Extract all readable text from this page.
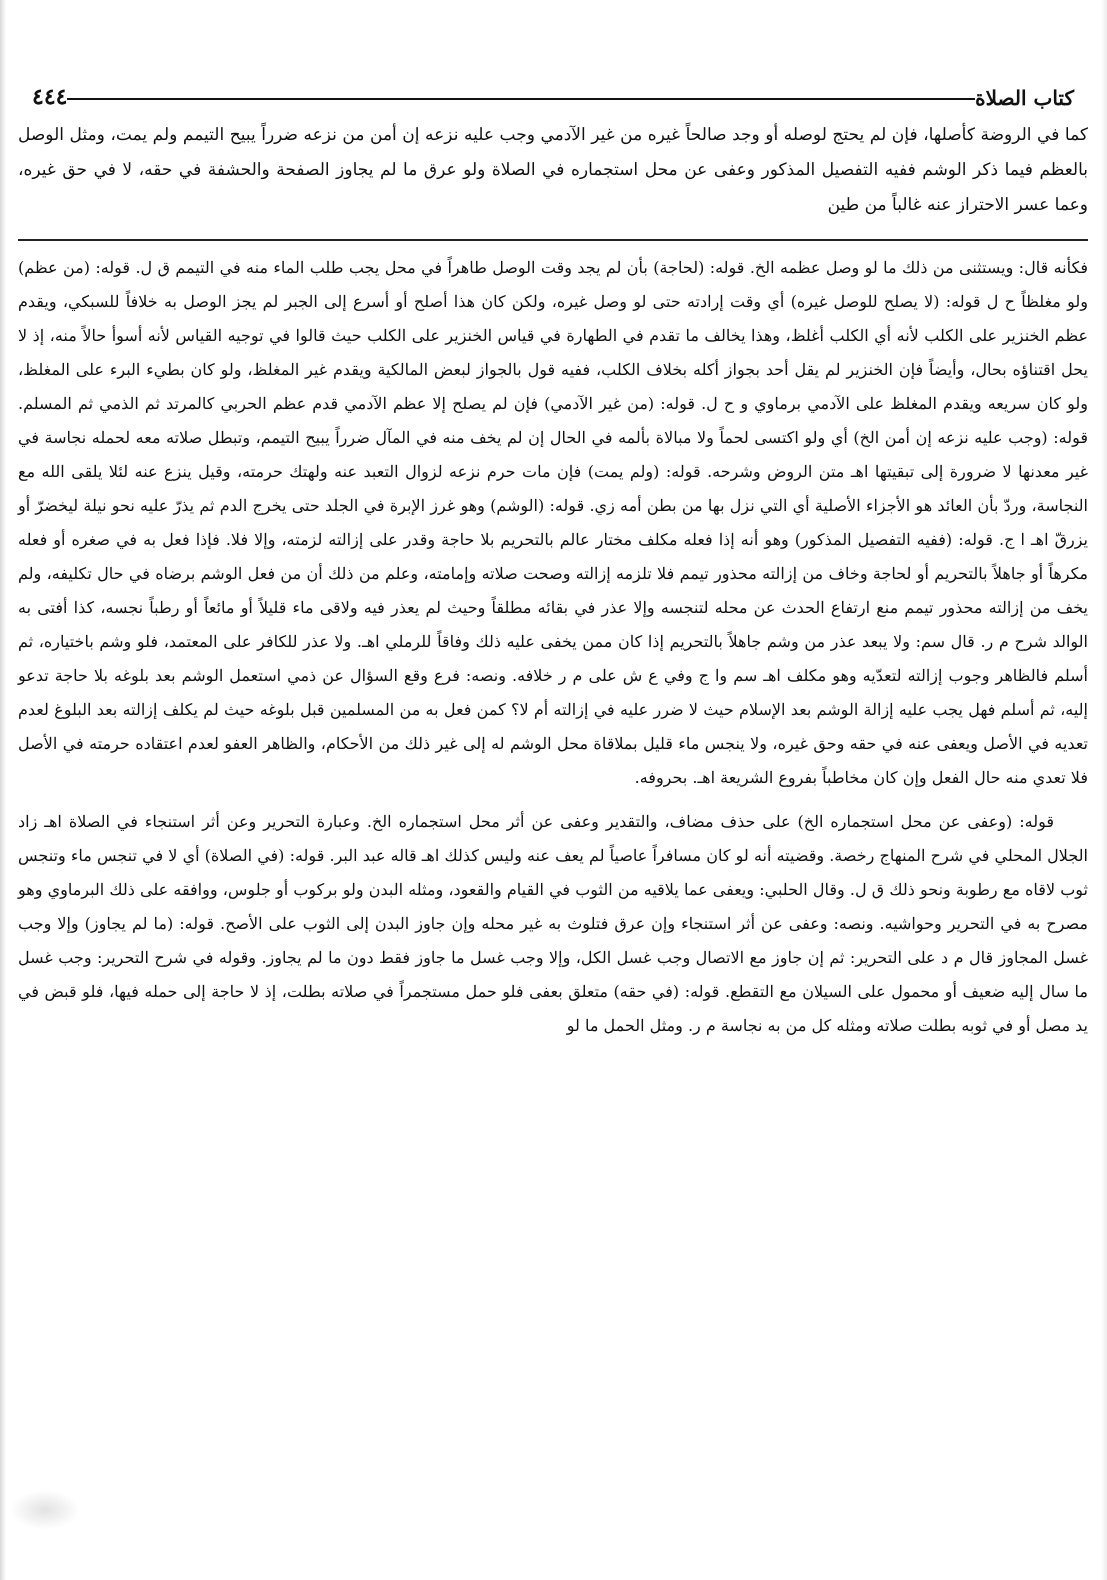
كتاب الصلاة
٤٤٤
كما في الروضة كأصلها، فإن لم يحتج لوصله أو وجد صالحاً غيره من غير الآدمي وجب عليه نزعه إن أمن من نزعه ضرراً يبيح التيمم ولم يمت، ومثل الوصل بالعظم فيما ذكر الوشم ففيه التفصيل المذكور وعفى عن محل استجماره في الصلاة ولو عرق ما لم يجاوز الصفحة والحشفة في حقه، لا في حق غيره، وعما عسر الاحتراز عنه غالباً من طين

فكأنه قال: ويستثنى من ذلك ما لو وصل عظمه الخ. قوله: (لحاجة) بأن لم يجد وقت الوصل طاهراً في محل يجب طلب الماء منه في التيمم ق ل. قوله: (من عظم) ولو مغلظاً ح ل قوله: (لا يصلح للوصل غيره) أي وقت إرادته حتى لو وصل غيره، ولكن كان هذا أصلح أو أسرع إلى الجبر لم يجز الوصل به خلافاً للسبكي، ويقدم عظم الخنزير على الكلب لأنه أي الكلب أغلظ، وهذا يخالف ما تقدم في الطهارة في قياس الخنزير على الكلب حيث قالوا في توجيه القياس لأنه أسوأ حالاً منه، إذ لا يحل اقتناؤه بحال، وأيضاً فإن الخنزير لم يقل أحد بجواز أكله بخلاف الكلب، ففيه قول بالجواز لبعض المالكية ويقدم غير المغلظ، ولو كان بطيء البرء على المغلظ، ولو كان سريعه ويقدم المغلظ على الآدمي برماوي و ح ل. قوله: (من غير الآدمي) فإن لم يصلح إلا عظم الآدمي قدم عظم الحربي كالمرتد ثم الذمي ثم المسلم. قوله: (وجب عليه نزعه إن أمن الخ) أي ولو اكتسى لحماً ولا مبالاة بألمه في الحال إن لم يخف منه في المآل ضرراً يبيح التيمم، وتبطل صلاته معه لحمله نجاسة في غير معدنها لا ضرورة إلى تبقيتها اهـ متن الروض وشرحه. قوله: (ولم يمت) فإن مات حرم نزعه لزوال التعبد عنه ولهتك حرمته، وقيل ينزع عنه لئلا يلقى الله مع النجاسة، وردّ بأن العائد هو الأجزاء الأصلية أي التي نزل بها من بطن أمه زي. قوله: (الوشم) وهو غرز الإبرة في الجلد حتى يخرج الدم ثم يذرّ عليه نحو نيلة ليخضرّ أو يزرقّ اهـ ا ج. قوله: (ففيه التفصيل المذكور) وهو أنه إذا فعله مكلف مختار عالم بالتحريم بلا حاجة وقدر على إزالته لزمته، وإلا فلا. فإذا فعل به في صغره أو فعله مكرهاً أو جاهلاً بالتحريم أو لحاجة وخاف من إزالته محذور تيمم فلا تلزمه إزالته وصحت صلاته وإمامته، وعلم من ذلك أن من فعل الوشم برضاه في حال تكليفه، ولم يخف من إزالته محذور تيمم منع ارتفاع الحدث عن محله لتنجسه وإلا عذر في بقائه مطلقاً وحيث لم يعذر فيه ولاقى ماء قليلاً أو مائعاً أو رطباً نجسه، كذا أفتى به الوالد شرح م ر. قال سم: ولا يبعد عذر من وشم جاهلاً بالتحريم إذا كان ممن يخفى عليه ذلك وفاقاً للرملي اهـ. ولا عذر للكافر على المعتمد، فلو وشم باختياره، ثم أسلم فالظاهر وجوب إزالته لتعدّيه وهو مكلف اهـ سم وا ج وفي ع ش على م ر خلافه. ونصه: فرع وقع السؤال عن ذمي استعمل الوشم بعد بلوغه بلا حاجة تدعو إليه، ثم أسلم فهل يجب عليه إزالة الوشم بعد الإسلام حيث لا ضرر عليه في إزالته أم لا؟ كمن فعل به من المسلمين قبل بلوغه حيث لم يكلف إزالته بعد البلوغ لعدم تعديه في الأصل ويعفى عنه في حقه وحق غيره، ولا ينجس ماء قليل بملاقاة محل الوشم له إلى غير ذلك من الأحكام، والظاهر العفو لعدم اعتقاده حرمته في الأصل فلا تعدي منه حال الفعل وإن كان مخاطباً بفروع الشريعة اهـ. بحروفه.

قوله: (وعفى عن محل استجماره الخ) على حذف مضاف، والتقدير وعفى عن أثر محل استجماره الخ. وعبارة التحرير وعن أثر استنجاء في الصلاة اهـ زاد الجلال المحلي في شرح المنهاج رخصة. وقضيته أنه لو كان مسافراً عاصياً لم يعف عنه وليس كذلك اهـ قاله عبد البر. قوله: (في الصلاة) أي لا في تنجس ماء وتنجس ثوب لاقاه مع رطوبة ونحو ذلك ق ل. وقال الحلبي: ويعفى عما يلاقيه من الثوب في القيام والقعود، ومثله البدن ولو بركوب أو جلوس، ووافقه على ذلك البرماوي وهو مصرح به في التحرير وحواشيه. ونصه: وعفى عن أثر استنجاء وإن عرق فتلوث به غير محله وإن جاوز البدن إلى الثوب على الأصح. قوله: (ما لم يجاوز) وإلا وجب غسل المجاوز قال م د على التحرير: ثم إن جاوز مع الاتصال وجب غسل الكل، وإلا وجب غسل ما جاوز فقط دون ما لم يجاوز. وقوله في شرح التحرير: وجب غسل ما سال إليه ضعيف أو محمول على السيلان مع التقطع. قوله: (في حقه) متعلق بعفى فلو حمل مستجمراً في صلاته بطلت، إذ لا حاجة إلى حمله فيها، فلو قبض في يد مصل أو في ثوبه بطلت صلاته ومثله كل من به نجاسة م ر. ومثل الحمل ما لو
